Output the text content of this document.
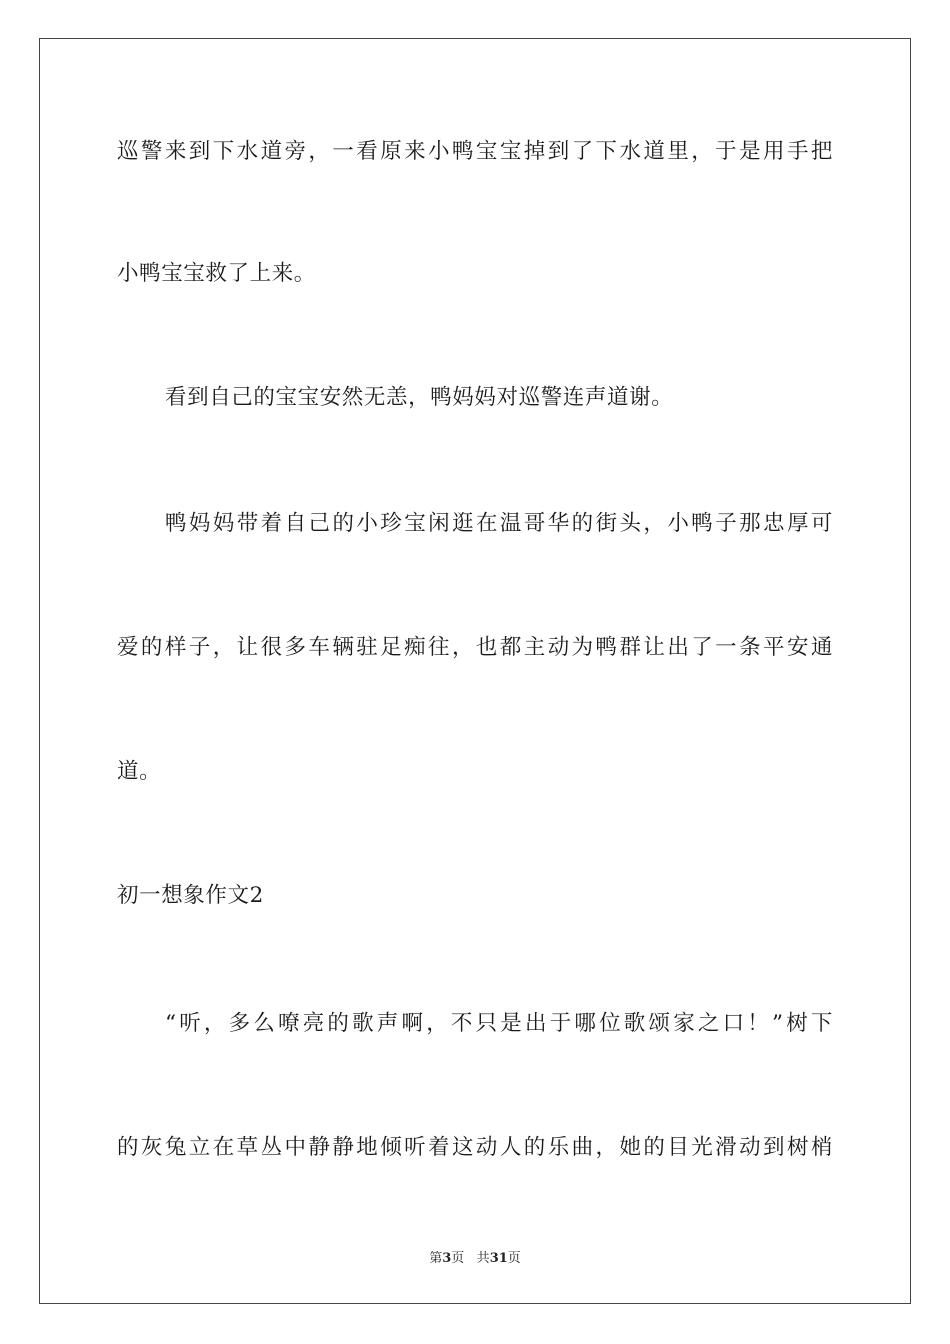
巡警来到下水道旁，一看原来小鸭宝宝掉到了下水道里，于是用手把
小鸭宝宝救了上来。
看到自己的宝宝安然无恙，鸭妈妈对巡警连声道谢。
鸭妈妈带着自己的小珍宝闲逛在温哥华的街头，小鸭子那忠厚可
爱的样子，让很多车辆驻足痴往，也都主动为鸭群让出了一条平安通
道。
初一想象作文2
“听，多么嘹亮的歌声啊，不只是出于哪位歌颂家之口！”树下
的灰兔立在草丛中静静地倾听着这动人的乐曲，她的目光滑动到树梢
第3页 共31页
